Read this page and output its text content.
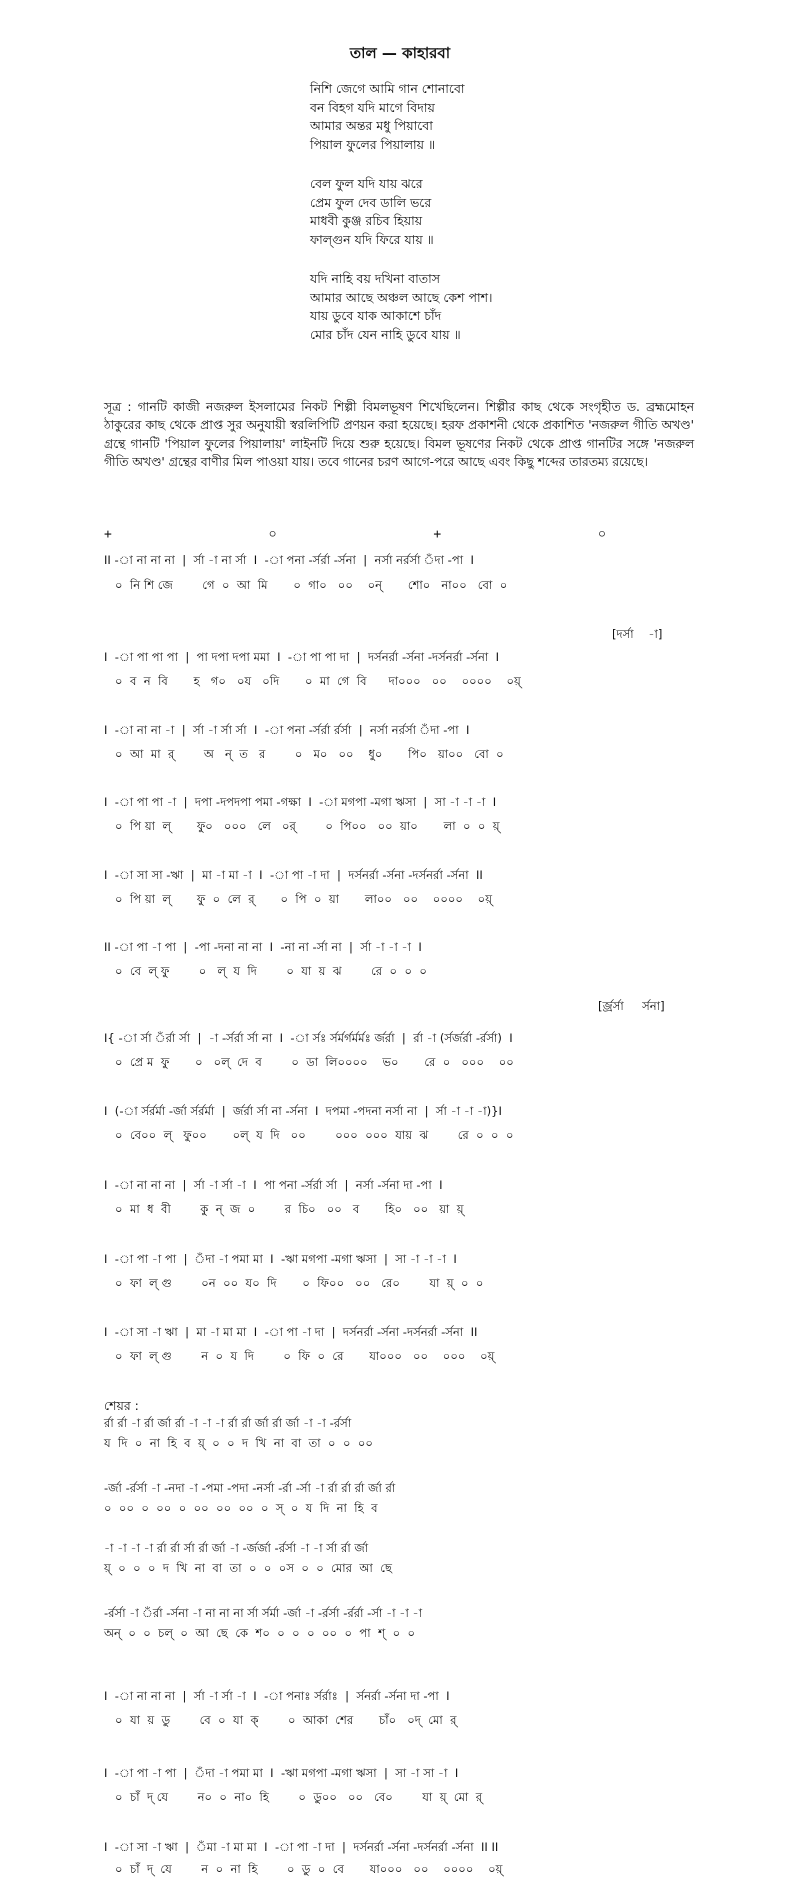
তাল — কাহারবা
নিশি জেগে আমি গান শোনাবো
বন বিহগ যদি মাগে বিদায়
আমার অন্তর মধু পিয়াবো
পিয়াল ফুলের পিয়ালায় ॥
বেল ফুল যদি যায় ঝরে
প্রেম ফুল দেব ডালি ভরে
মাধবী কুঞ্জ রচিব হিয়ায়
ফাল্গুন যদি ফিরে যায় ॥
যদি নাহি বয় দখিনা বাতাস
আমার আছে অঞ্চল আছে কেশ পাশ।
যায় ডুবে যাক আকাশে চাঁদ
মোর চাঁদ যেন নাহি ডুবে যায় ॥
সূত্র : গানটি কাজী নজরুল ইসলামের নিকট শিল্পী বিমলভূষণ শিখেছিলেন। শিল্পীর কাছ থেকে সংগৃহীত ড. ব্রহ্মমোহন ঠাকুরের কাছ থেকে প্রাপ্ত সুর অনুযায়ী স্বরলিপিটি প্রণয়ন করা হয়েছে। হরফ প্রকাশনী থেকে প্রকাশিত 'নজরুল গীতি অখণ্ড' গ্রন্থে গানটি 'পিয়াল ফুলের পিয়ালায়' লাইনটি দিয়ে শুরু হয়েছে। বিমল ভূষণের নিকট থেকে প্রাপ্ত গানটির সঙ্গে 'নজরুল গীতি অখণ্ড' গ্রন্থের বাণীর মিল পাওয়া যায়। তবে গানের চরণ আগে-পরে আছে এবং কিছু শব্দের তারতম্য রয়েছে।
+                    ০                    +                    ০
[দর্সা    -া]
[র্জ্রর্সা     র্সনা]
শেয়র :
II -া না না না  |  র্সা -া না র্সা  I  -া পনা -র্সর্রা -র্সনা  |  নর্সা নর্রর্সা ঁদা -পা  I
০  নি শি জে        গে  ০  আ  মি       ০  গা০   ০০    ০ন্       শো০   না০০   বো  ০
I  -া পা পা পা  |  পা দপা দপা মমা  I  -া পা পা দা  |  দর্সনর্রা -র্সনা -দর্সনর্রা -র্সনা  I
০  ব  ন  বি       হ   গ০   ০য   ০দি       ০  মা  গে  বি      দা০০০   ০০    ০০০০    ০য়্
I  -া না না -া  |  র্সা -া র্সা র্সা  I  -া পনা -র্সর্রা র্রর্সা  |  নর্সা নর্রর্সা ঁদা -পা  I
০  আ  মা  র্        অ   ন্  ত   র        ০   ম০   ০০    ধু০       পি০   য়া০০   বো  ০
I  -া পা পা -া  |  দপা -দপদপা পমা -গক্ষা  I  -া মগপা -মগা ঋসা  |  সা -া -া -া  I
০  পি য়া  ল্       ফু০   ০০০   লে   ০র্        ০  পি০০   ০০  য়া০       লা  ০  ০  য়্
I  -া সা সা -ঋা  |  মা -া মা -া  I  -া পা -া দা  |  দর্সনর্রা -র্সনা -দর্সনর্রা -র্সনা  II
০  পি য়া  ল্       ফু  ০  লে  র্       ০  পি  ০  য়া       লা০০   ০০    ০০০০    ০য়্
II -া পা -া পা  |  -পা -দনা না না  I  -না না -র্সা না  |  র্সা -া -া -া  I
০  বে  ল্ ফু        ০   ল্  য  দি        ০  যা  য়  ঝ        রে  ০  ০  ০
I{ -া র্সা ঁর্রা র্সা  |  -া -র্সর্রা র্সা না  I  -া র্সঃ র্সর্মর্গর্মর্মঃ র্জর্রা  |  র্রা -া (র্সর্জর্রা -র্রর্সা)  I
০  প্রে ম  ফু       ০   ০ল্  দে  ব        ০  ডা  লি০০০০    ভ০       রে  ০   ০০০    ০০
I  (-া র্সর্রর্মা -র্জা র্সর্রর্মা  |  র্জর্রা র্সা না -র্সনা  I  দপমা -পদনা নর্সা না  |  র্সা -া -া -া)}I
০  বে০০  ল্   ফু০০       ০ল্  য  দি   ০০        ০০০  ০০০  যায়  ঝ        রে  ০  ০  ০
I  -া না না না  |  র্সা -া র্সা -া  I  পা পনা -র্সর্রা র্সা  |  নর্সা -র্সনা দা -পা  I
০  মা  ধ  বী        কু  ন্  জ  ০        র  চি০   ০০   ব       হি০   ০০   য়া  য়্
I  -া পা -া পা  |  ঁদা -া পমা মা  I  -ঋা মগপা -মগা ঋসা  |  সা -া -া -া  I
০  ফা  ল্ গু        ০ন  ০০  য০  দি       ০  ফি০০   ০০   রে০        যা  য়্  ০  ০
I  -া সা -া ঋা  |  মা -া মা মা  I  -া পা -া দা  |  দর্সনর্রা -র্সনা -দর্সনর্রা -র্সনা  II
০  ফা  ল্ গু        ন  ০  য  দি        ০  ফি  ০  রে       যা০০০   ০০    ০০০    ০য়্
র্রা র্রা -া র্রা র্জা র্রা -া -া -া র্রা র্রা র্জা র্রা র্জা -া -া -র্রর্সা
য  দি  ০  না  হি  ব  য়্  ০  ০  দ  খি  না  বা  তা  ০  ০  ০০
-র্জা -র্রর্সা -া -নদা -া -পমা -পদা -নর্সা -র্রা -র্সা -া র্রা র্রা র্রা র্জা র্রা
০  ০০  ০  ০০  ০  ০০  ০০  ০০  ০  স্  ০  য  দি  না  হি  ব
-া -া -া -া র্রা র্রা র্সা র্রা র্জা -া -র্জর্জা -র্রর্সা -া -া র্সা র্রা র্জা
য়্  ০  ০  ০  দ  খি  না  বা  তা  ০  ০  ০স  ০  ০  মোর  আ  ছে
-র্রর্সা -া ঁর্রা -র্সনা -া না না না র্সা র্সর্মা -র্জা -া -র্রর্সা -র্রর্রা -র্সা -া -া -া
অন্  ০  ০  চল্  ০  আ  ছে  কে  শ০  ০  ০  ০  ০০  ০  পা  শ্  ০  ০
I  -া না না না  |  র্সা -া র্সা -া  I  -া পনাঃ র্সর্রাঃ  |  র্সনর্রা -র্সনা দা -পা  I
০  যা  য়  ডু        বে  ০  যা  ক্        ০  আকা  শের       চাঁ০   ০দ্  মো  র্
I  -া পা -া পা  |  ঁদা -া পমা মা  I  -ঋা মগপা -মগা ঋসা  |  সা -া সা -া  I
০  চাঁ  দ্ যে        ন০  ০  না০  হি        ০  ডু০০   ০০   বে০        যা  য়্  মো  র্
I  -া সা -া ঋা  |  ঁমা -া মা মা  I  -া পা -া দা  |  দর্সনর্রা -র্সনা -দর্সনর্রা -র্সনা  II II
০  চাঁ  দ্  যে        ন  ০  না  হি        ০  ডু  ০  বে       যা০০০   ০০    ০০০০    ০য়্
